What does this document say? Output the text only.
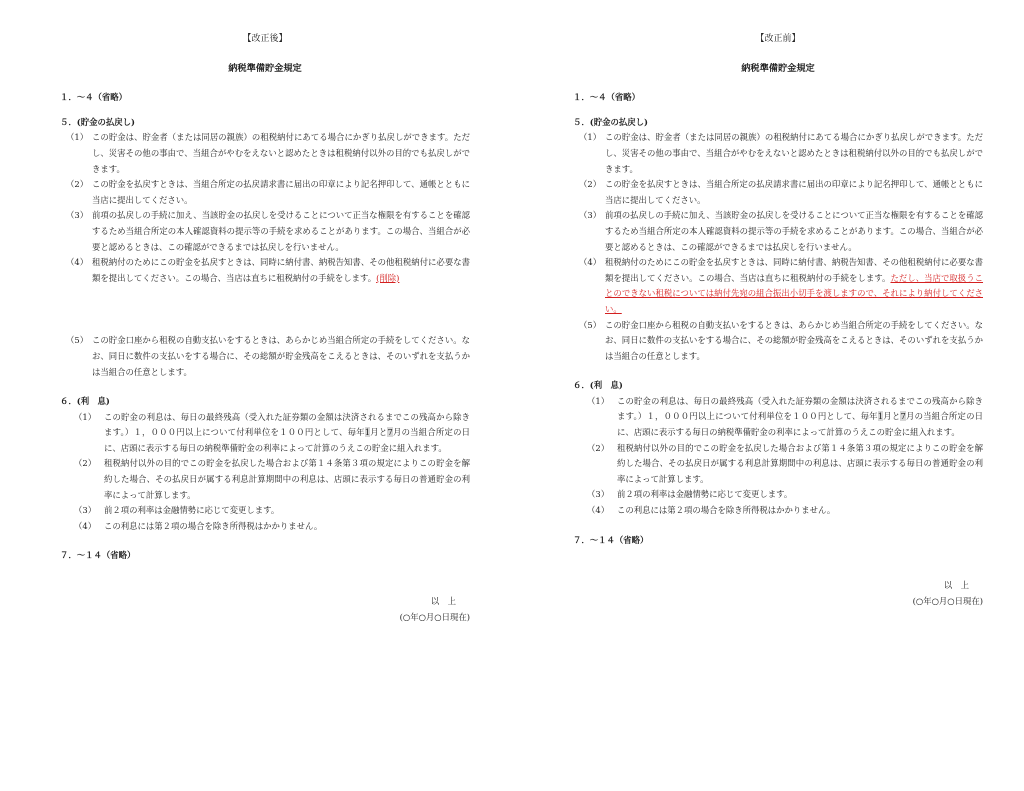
【改正後】
納税準備貯金規定

１．〜４（省略）

５．(貯金の払戻し)

（1） この貯金は、貯金者（または同居の親族）の租税納付にあてる場合にかぎり払戻しができます。ただし、災害その他の事由で、当組合がやむをえないと認めたときは租税納付以外の目的でも払戻しができます。
（2） この貯金を払戻すときは、当組合所定の払戻請求書に届出の印章により記名押印して、通帳とともに当店に提出してください。
（3） 前項の払戻しの手続に加え、当該貯金の払戻しを受けることについて正当な権限を有することを確認するため当組合所定の本人確認資料の提示等の手続を求めることがあります。この場合、当組合が必要と認めるときは、この確認ができるまでは払戻しを行いません。
（4） 租税納付のためにこの貯金を払戻すときは、同時に納付書、納税告知書、その他租税納付に必要な書類を提出してください。この場合、当店は直ちに租税納付の手続をします。(削除)
（5） この貯金口座から租税の自動支払いをするときは、あらかじめ当組合所定の手続をしてください。なお、同日に数件の支払いをする場合に、その総額が貯金残高をこえるときは、そのいずれを支払うかは当組合の任意とします。

６．(利　息)

（1） この貯金の利息は、毎日の最終残高（受入れた証券類の金額は決済されるまでこの残高から除きます。）１，０００円以上について付利単位を１００円として、毎年1月と7月の当組合所定の日に、店頭に表示する毎日の納税準備貯金の利率によって計算のうえこの貯金に組入れます。
（2） 租税納付以外の目的でこの貯金を払戻した場合および第１４条第３項の規定によりこの貯金を解約した場合、その払戻日が属する利息計算期間中の利息は、店頭に表示する毎日の普通貯金の利率によって計算します。
（3） 前２項の利率は金融情勢に応じて変更します。
（4） この利息には第２項の場合を除き所得税はかかりません。

７．〜１４（省略）

以　上
(○年○月○日現在)
【改正前】
納税準備貯金規定

１．〜４（省略）

５．(貯金の払戻し)

（1） この貯金は、貯金者（または同居の親族）の租税納付にあてる場合にかぎり払戻しができます。ただし、災害その他の事由で、当組合がやむをえないと認めたときは租税納付以外の目的でも払戻しができます。
（2） この貯金を払戻すときは、当組合所定の払戻請求書に届出の印章により記名押印して、通帳とともに当店に提出してください。
（3） 前項の払戻しの手続に加え、当該貯金の払戻しを受けることについて正当な権限を有することを確認するため当組合所定の本人確認資料の提示等の手続を求めることがあります。この場合、当組合が必要と認めるときは、この確認ができるまでは払戻しを行いません。
（4） 租税納付のためにこの貯金を払戻すときは、同時に納付書、納税告知書、その他租税納付に必要な書類を提出してください。この場合、当店は直ちに租税納付の手続をします。ただし、当店で取扱うことのできない租税については納付先宛の組合振出小切手を渡しますので、それにより納付してください。
（5） この貯金口座から租税の自動支払いをするときは、あらかじめ当組合所定の手続をしてください。なお、同日に数件の支払いをする場合に、その総額が貯金残高をこえるときは、そのいずれを支払うかは当組合の任意とします。

６．(利　息)

（1） この貯金の利息は、毎日の最終残高（受入れた証券類の金額は決済されるまでこの残高から除きます。）１，０００円以上について付利単位を１００円として、毎年1月と7月の当組合所定の日に、店頭に表示する毎日の納税準備貯金の利率によって計算のうえこの貯金に組入れます。
（2） 租税納付以外の目的でこの貯金を払戻した場合および第１４条第３項の規定によりこの貯金を解約した場合、その払戻日が属する利息計算期間中の利息は、店頭に表示する毎日の普通貯金の利率によって計算します。
（3） 前２項の利率は金融情勢に応じて変更します。
（4） この利息には第２項の場合を除き所得税はかかりません。

７．〜１４（省略）

以　上
(○年○月○日現在)
